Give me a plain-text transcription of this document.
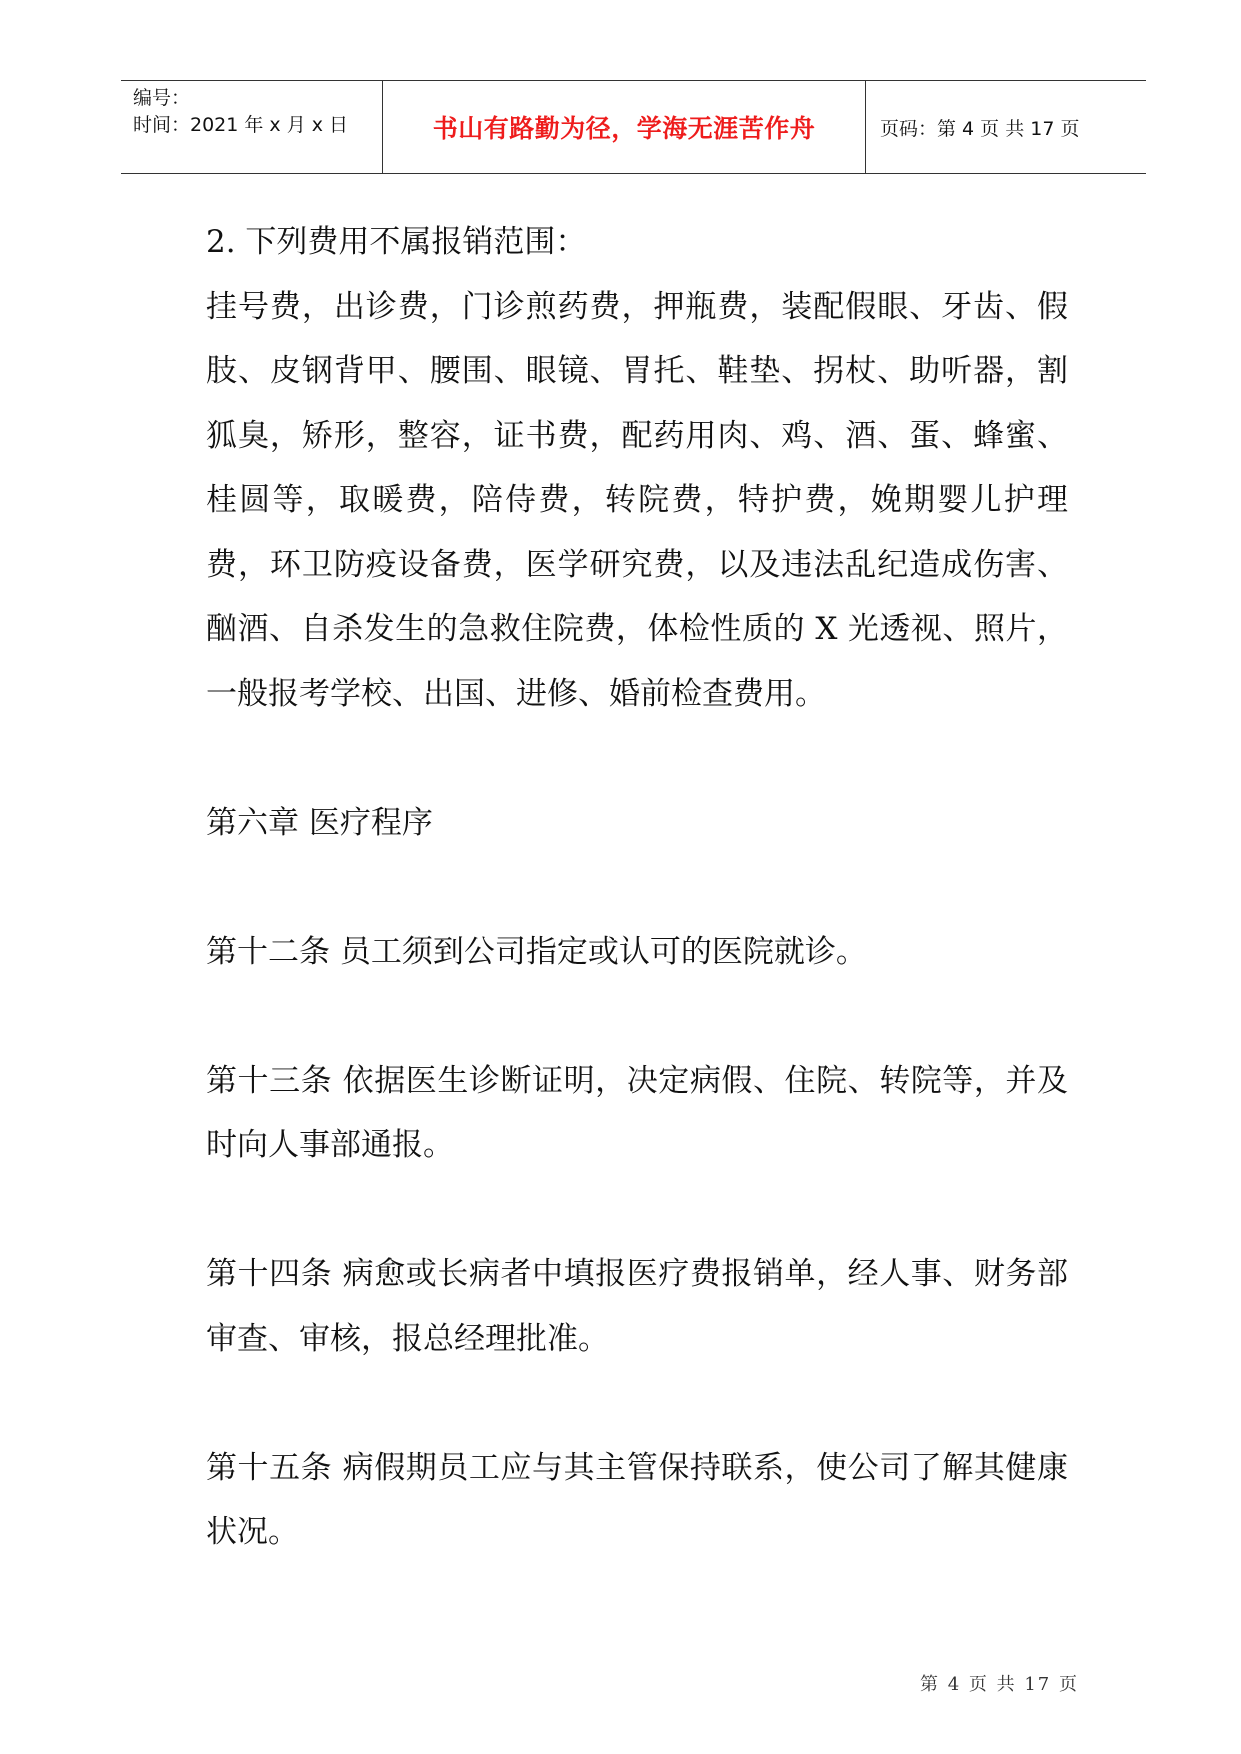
编号：
时间：2021 年 x 月 x 日	书山有路勤为径，学海无涯苦作舟	页码：第 4 页 共 17 页

2. 下列费用不属报销范围：

挂号费，出诊费，门诊煎药费，押瓶费，装配假眼、牙齿、假肢、皮钢背甲、腰围、眼镜、胃托、鞋垫、拐杖、助听器，割狐臭，矫形，整容，证书费，配药用肉、鸡、酒、蛋、蜂蜜、桂圆等，取暖费，陪侍费，转院费，特护费，娩期婴儿护理费，环卫防疫设备费，医学研究费，以及违法乱纪造成伤害、酗酒、自杀发生的急救住院费，体检性质的 X 光透视、照片，一般报考学校、出国、进修、婚前检查费用。

第六章 医疗程序

第十二条 员工须到公司指定或认可的医院就诊。

第十三条 依据医生诊断证明，决定病假、住院、转院等，并及时向人事部通报。

第十四条 病愈或长病者中填报医疗费报销单，经人事、财务部审查、审核，报总经理批准。

第十五条 病假期员工应与其主管保持联系，使公司了解其健康状况。

第 4 页 共 17 页
